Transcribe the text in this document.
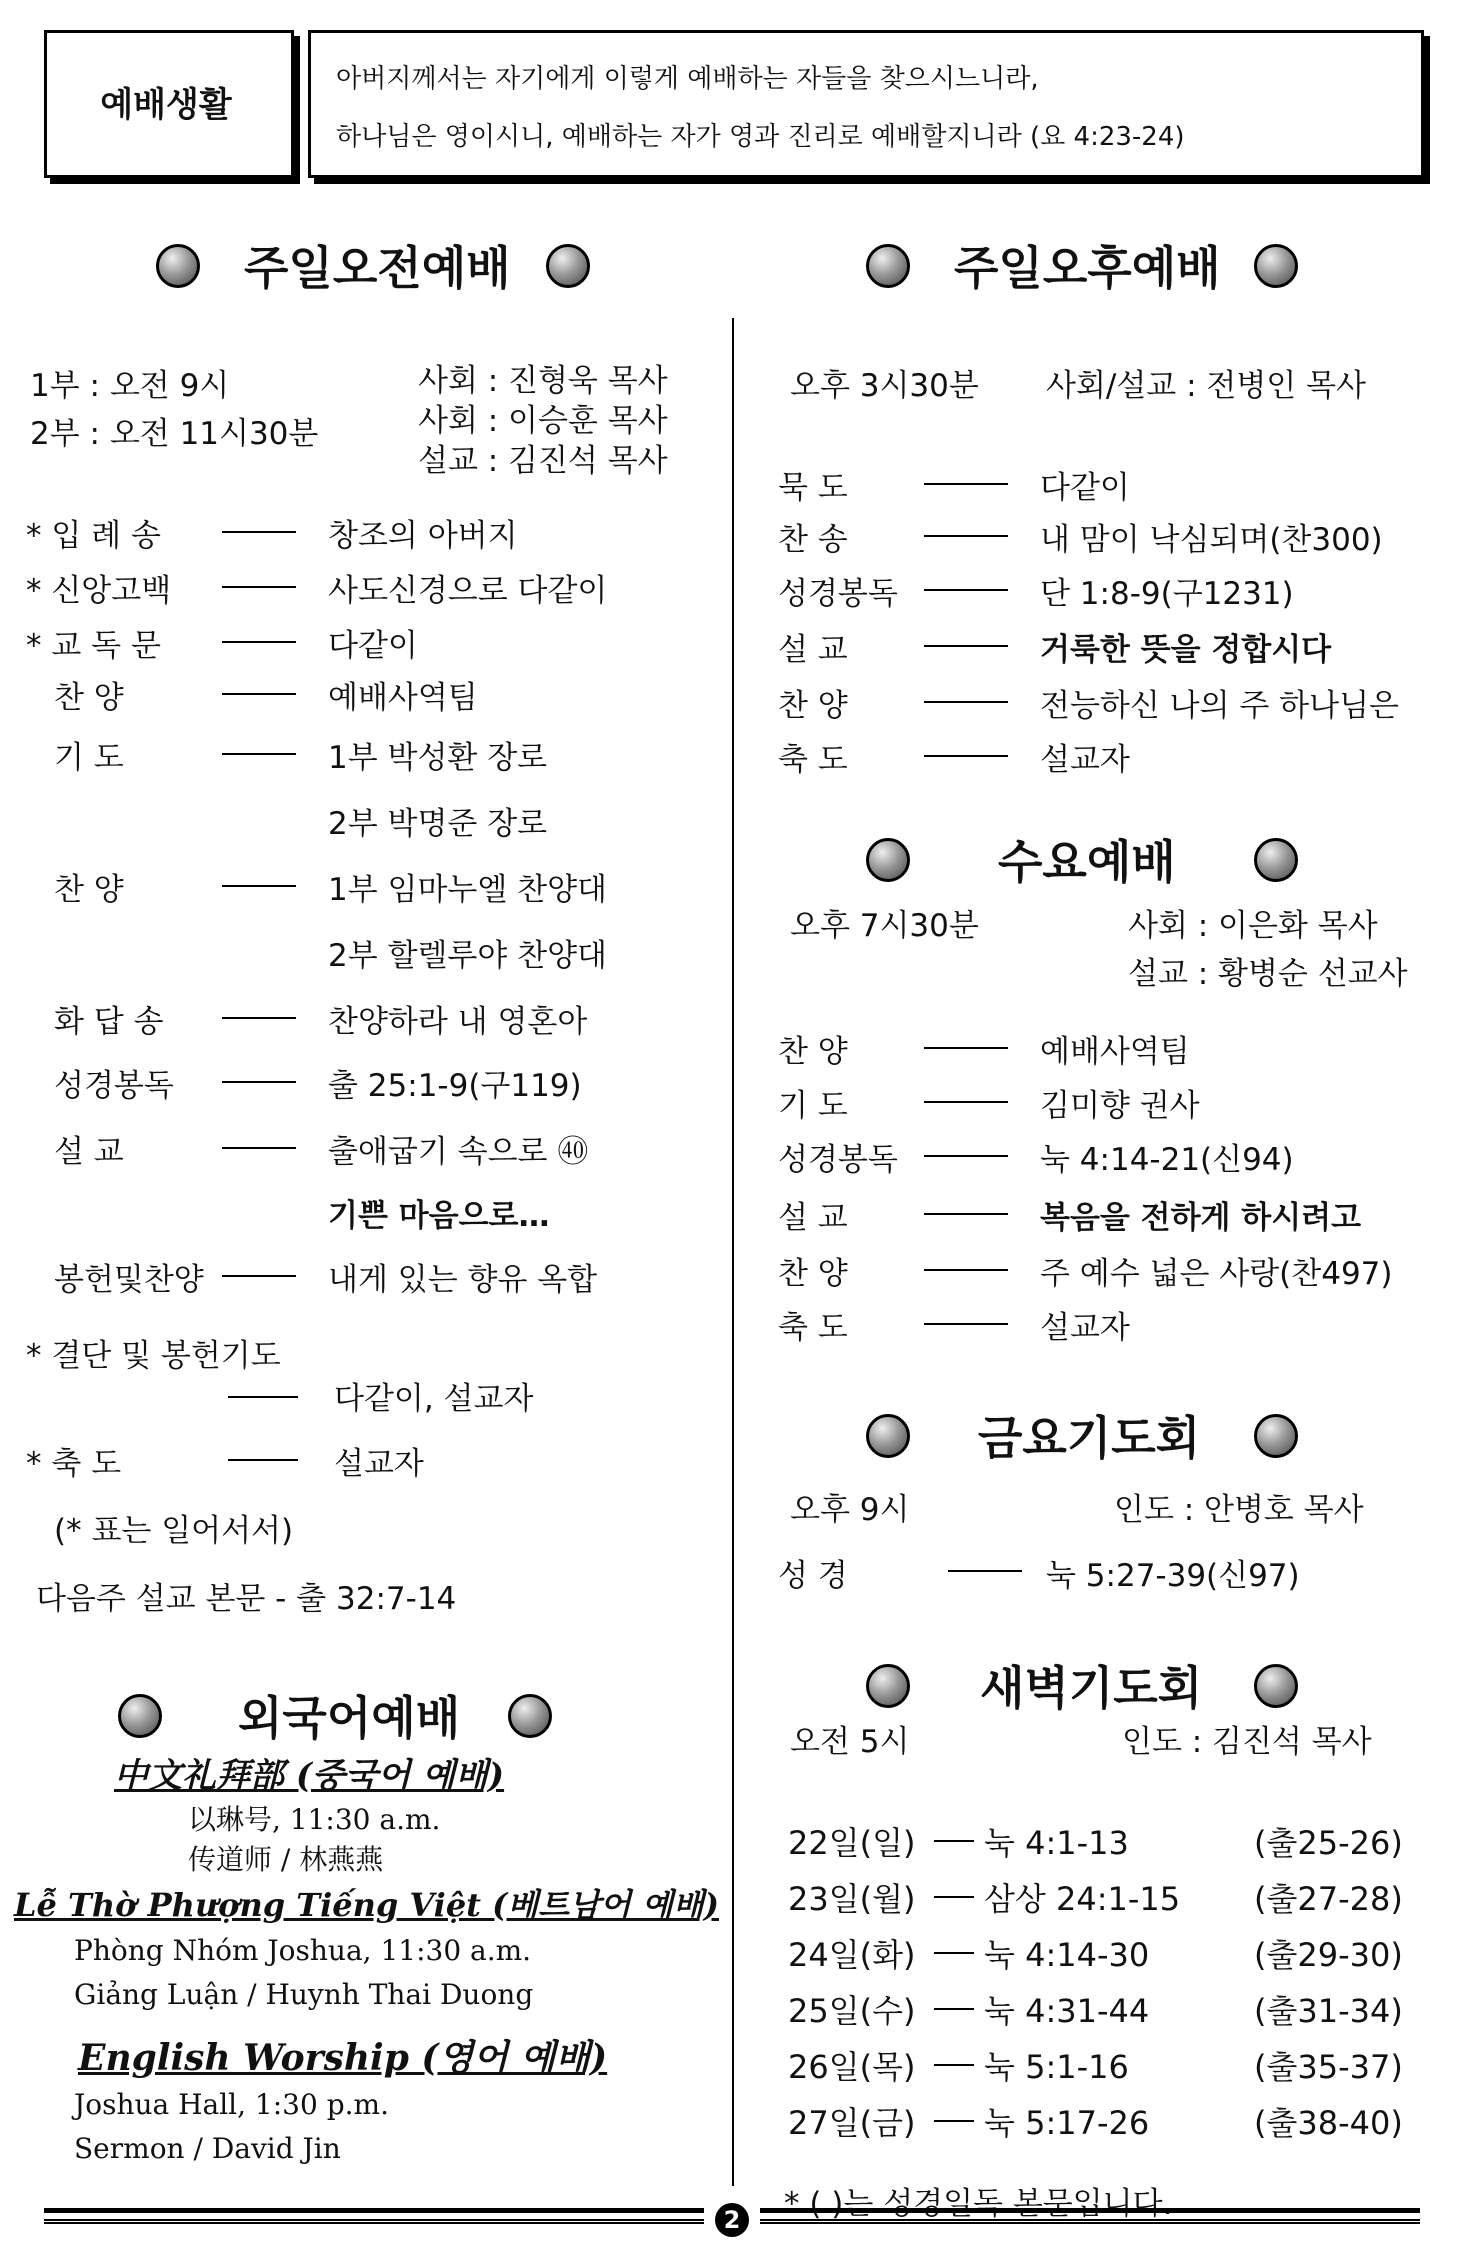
예배생활
아버지께서는 자기에게 이렇게 예배하는 자들을 찾으시느니라,
하나님은 영이시니, 예배하는 자가 영과 진리로 예배할지니라 (요 4:23-24)
주일오전예배
1부 : 오전 9시
2부 : 오전 11시30분
사회 : 진형욱 목사
사회 : 이승훈 목사
설교 : 김진석 목사
* 입 례 송	창조의 아버지
* 신앙고백	사도신경으로 다같이
* 교 독 문	다같이
찬 양	예배사역팀
기 도	1부 박성환 장로
2부 박명준 장로
찬 양	1부 임마누엘 찬양대
2부 할렐루야 찬양대
화 답 송	찬양하라 내 영혼아
성경봉독	출 25:1-9(구119)
설 교	출애굽기 속으로 ㊵
기쁜 마음으로…
봉헌및찬양	내게 있는 향유 옥합
* 결단 및 봉헌기도
다같이, 설교자
* 축 도	설교자
(* 표는 일어서서)
다음주 설교 본문 - 출 32:7-14
외국어예배
中文礼拜部 (중국어 예배)
以琳号, 11:30 a.m.
传道师 / 林燕燕
Lễ Thờ Phượng Tiếng Việt (베트남어 예배)
Phòng Nhóm Joshua, 11:30 a.m.
Giảng Luận / Huynh Thai Duong
English Worship (영어 예배)
Joshua Hall, 1:30 p.m.
Sermon / David Jin
주일오후예배
오후 3시30분 사회/설교 : 전병인 목사
묵 도	다같이
찬 송	내 맘이 낙심되며(찬300)
성경봉독	단 1:8-9(구1231)
설 교	거룩한 뜻을 정합시다
찬 양	전능하신 나의 주 하나님은
축 도	설교자
수요예배
오후 7시30분	사회 : 이은화 목사
설교 : 황병순 선교사
찬 양	예배사역팀
기 도	김미향 권사
성경봉독	눅 4:14-21(신94)
설 교	복음을 전하게 하시려고
찬 양	주 예수 넓은 사랑(찬497)
축 도	설교자
금요기도회
오후 9시	인도 : 안병호 목사
성 경	눅 5:27-39(신97)
새벽기도회
오전 5시	인도 : 김진석 목사
22일(일) 눅 4:1-13	(출25-26)
23일(월) 삼상 24:1-15 (출27-28)
24일(화) 눅 4:14-30	(출29-30)
25일(수) 눅 4:31-44	(출31-34)
26일(목) 눅 5:1-16	(출35-37)
27일(금) 눅 5:17-26	(출38-40)
* ( )는 성경일독 본문입니다.
2
